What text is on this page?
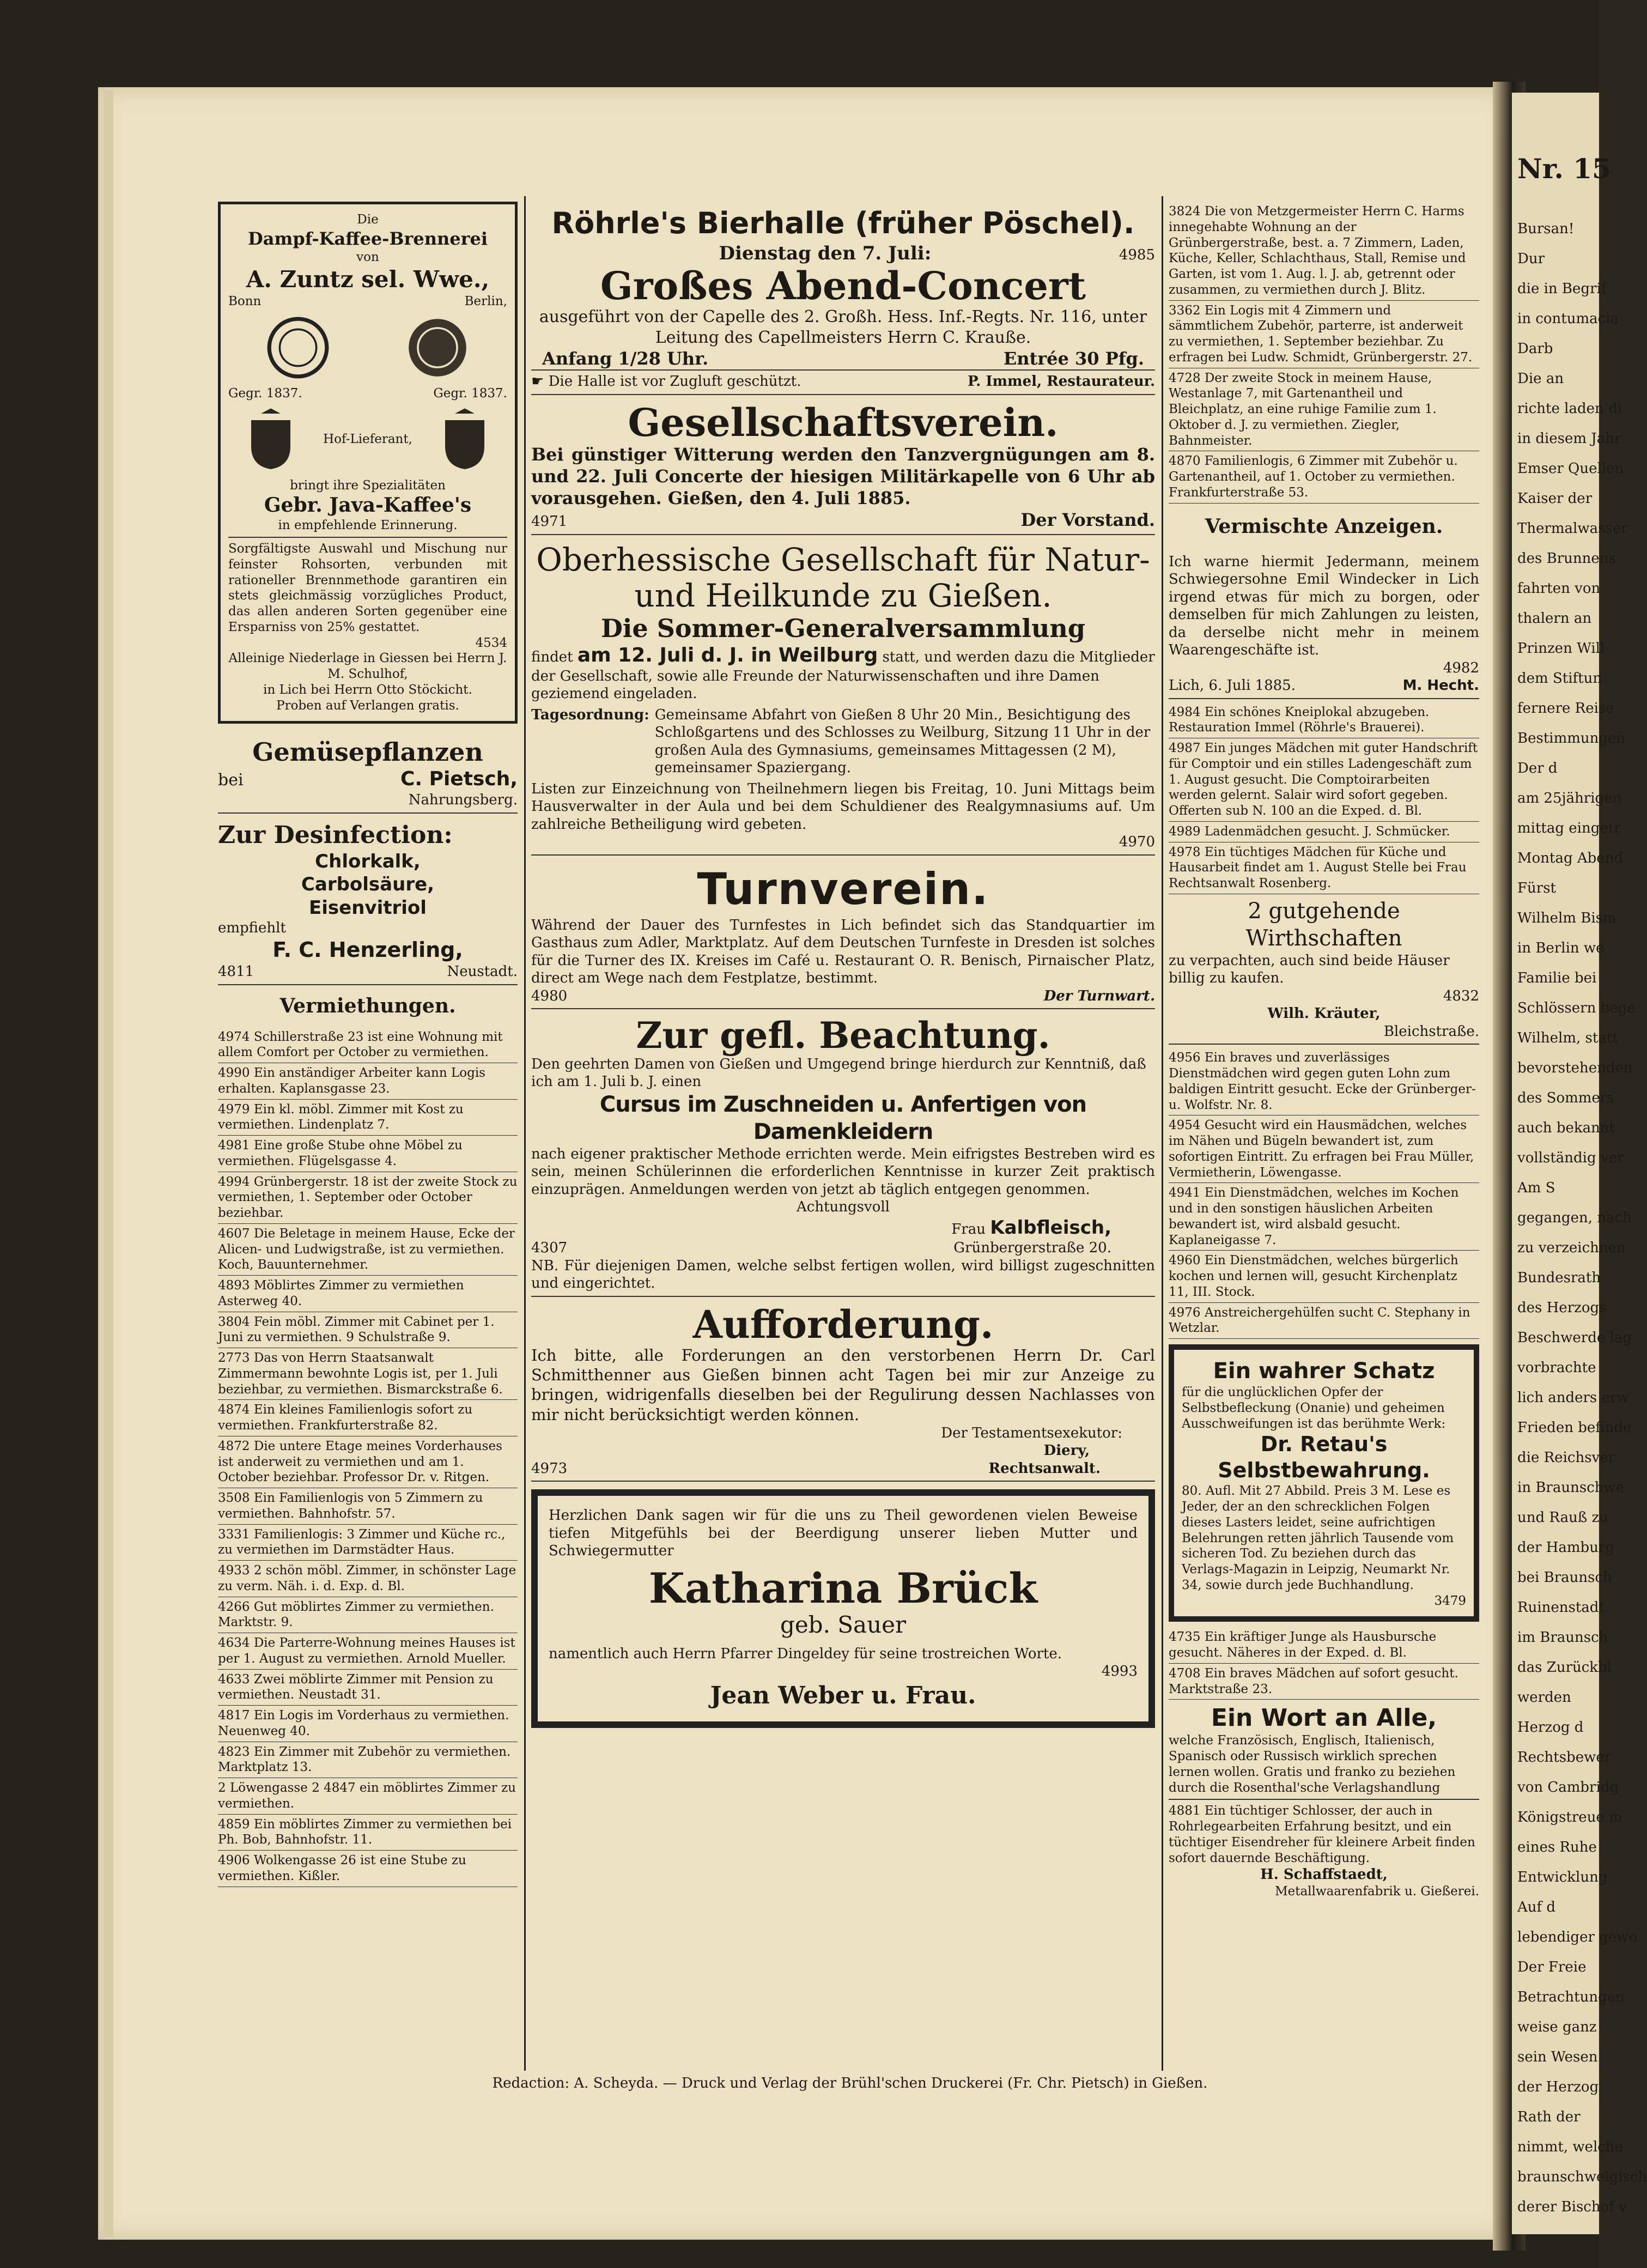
Nr. 15
Bursan!
Dur
die in Begrif
in contumacia
Darb
Die an
richte laden di
in diesem Jahr
Emser Quellen
Kaiser der
Thermalwasser
des Brunnens
fahrten von
thalern an
Prinzen Will
dem Stiftun
fernere Reise
Bestimmungen
Der d
am 25jährigen
mittag eingetr
Montag Abend
Fürst
Wilhelm Bism
in Berlin we
Familie bei
Schlössern bege
Wilhelm, statt
bevorstehenden
des Sommers
auch bekannt
vollständig ver
Am S
gegangen, nach
zu verzeichnen
Bundesrath
des Herzogs
Beschwerde lag
vorbrachte
lich anders erw
Frieden befinde
die Reichsver
in Braunschwe
und Rauß zu
der Hamburg
bei Braunsch
Ruinenstadt
im Braunsch
das Zurückbl
werden
Herzog d
Rechtsbewer
von Cambridg
Königstreue m
eines Ruhe
Entwicklung
Auf d
lebendiger gewo
Der Freie
Betrachtungen
weise ganz
sein Wesen
der Herzog
Rath der
nimmt, welche
braunschweigisch
derer Bischof v
Die
Dampf-Kaffee-Brennerei
von
A. Zuntz sel. Wwe.,
Bonn	Berlin,
Gegr. 1837.	Gegr. 1837.
Hof-Lieferant,
bringt ihre Spezialitäten
Gebr. Java-Kaffee's
in empfehlende Erinnerung.
Sorgfältigste Auswahl und Mischung nur feinster Rohsorten, verbunden mit rationeller Brennmethode garantiren ein stets gleichmässig vorzügliches Product, das allen anderen Sorten gegenüber eine Ersparniss von 25% gestattet.
4534
Alleinige Niederlage in Giessen bei Herrn J. M. Schulhof,
in Lich bei Herrn Otto Stöckicht.
Proben auf Verlangen gratis.
Gemüsepflanzen
bei	C. Pietsch,
Nahrungsberg.
Zur Desinfection:
Chlorkalk,
Carbolsäure,
Eisenvitriol
empfiehlt
F. C. Henzerling,
4811	Neustadt.
Vermiethungen.
4974 Schillerstraße 23 ist eine Wohnung mit allem Comfort per October zu vermiethen.
4990 Ein anständiger Arbeiter kann Logis erhalten. Kaplansgasse 23.
4979 Ein kl. möbl. Zimmer mit Kost zu vermiethen. Lindenplatz 7.
4981 Eine große Stube ohne Möbel zu vermiethen. Flügelsgasse 4.
4994 Grünbergerstr. 18 ist der zweite Stock zu vermiethen, 1. September oder October beziehbar.
4607 Die Beletage in meinem Hause, Ecke der Alicen- und Ludwigstraße, ist zu vermiethen. Koch, Bauunternehmer.
4893 Möblirtes Zimmer zu vermiethen Asterweg 40.
3804 Fein möbl. Zimmer mit Cabinet per 1. Juni zu vermiethen. 9 Schulstraße 9.
2773 Das von Herrn Staatsanwalt Zimmermann bewohnte Logis ist, per 1. Juli beziehbar, zu vermiethen. Bismarckstraße 6.
4874 Ein kleines Familienlogis sofort zu vermiethen. Frankfurterstraße 82.
4872 Die untere Etage meines Vorderhauses ist anderweit zu vermiethen und am 1. October beziehbar. Professor Dr. v. Ritgen.
3508 Ein Familienlogis von 5 Zimmern zu vermiethen. Bahnhofstr. 57.
3331 Familienlogis: 3 Zimmer und Küche rc., zu vermiethen im Darmstädter Haus.
4933 2 schön möbl. Zimmer, in schönster Lage zu verm. Näh. i. d. Exp. d. Bl.
4266 Gut möblirtes Zimmer zu vermiethen. Marktstr. 9.
4634 Die Parterre-Wohnung meines Hauses ist per 1. August zu vermiethen. Arnold Mueller.
4633 Zwei möblirte Zimmer mit Pension zu vermiethen. Neustadt 31.
4817 Ein Logis im Vorderhaus zu vermiethen. Neuenweg 40.
4823 Ein Zimmer mit Zubehör zu vermiethen. Marktplatz 13.
2 Löwengasse 2 4847 ein möblirtes Zimmer zu vermiethen.
4859 Ein möblirtes Zimmer zu vermiethen bei Ph. Bob, Bahnhofstr. 11.
4906 Wolkengasse 26 ist eine Stube zu vermiethen. Kißler.
Röhrle's Bierhalle (früher Pöschel).
Dienstag den 7. Juli:	4985
Großes Abend-Concert
ausgeführt von der Capelle des 2. Großh. Hess. Inf.-Regts. Nr. 116, unter Leitung des Capellmeisters Herrn C. Krauße.
Anfang 1/28 Uhr.	Entrée 30 Pfg.
☛ Die Halle ist vor Zugluft geschützt.	P. Immel, Restaurateur.
Gesellschaftsverein.
Bei günstiger Witterung werden den Tanzvergnügungen am 8. und 22. Juli Concerte der hiesigen Militärkapelle von 6 Uhr ab vorausgehen. Gießen, den 4. Juli 1885.
4971	Der Vorstand.
Oberhessische Gesellschaft für Natur-
und Heilkunde zu Gießen.
Die Sommer-Generalversammlung
findet am 12. Juli d. J. in Weilburg statt, und werden dazu die Mitglieder der Gesellschaft, sowie alle Freunde der Naturwissenschaften und ihre Damen geziemend eingeladen.
Tagesordnung: Gemeinsame Abfahrt von Gießen 8 Uhr 20 Min., Besichtigung des Schloßgartens und des Schlosses zu Weilburg, Sitzung 11 Uhr in der großen Aula des Gymnasiums, gemeinsames Mittagessen (2 M), gemeinsamer Spaziergang.
Listen zur Einzeichnung von Theilnehmern liegen bis Freitag, 10. Juni Mittags beim Hausverwalter in der Aula und bei dem Schuldiener des Realgymnasiums auf. Um zahlreiche Betheiligung wird gebeten.
4970
Turnverein.
Während der Dauer des Turnfestes in Lich befindet sich das Standquartier im Gasthaus zum Adler, Marktplatz. Auf dem Deutschen Turnfeste in Dresden ist solches für die Turner des IX. Kreises im Café u. Restaurant O. R. Benisch, Pirnaischer Platz, direct am Wege nach dem Festplatze, bestimmt.
4980	Der Turnwart.
Zur gefl. Beachtung.
Den geehrten Damen von Gießen und Umgegend bringe hierdurch zur Kenntniß, daß ich am 1. Juli b. J. einen
Cursus im Zuschneiden u. Anfertigen von Damenkleidern
nach eigener praktischer Methode errichten werde. Mein eifrigstes Bestreben wird es sein, meinen Schülerinnen die erforderlichen Kenntnisse in kurzer Zeit praktisch einzuprägen. Anmeldungen werden von jetzt ab täglich entgegen genommen.
Achtungsvoll
Frau Kalbfleisch,
4307	Grünbergerstraße 20.
NB. Für diejenigen Damen, welche selbst fertigen wollen, wird billigst zugeschnitten und eingerichtet.
Aufforderung.
Ich bitte, alle Forderungen an den verstorbenen Herrn Dr. Carl Schmitthenner aus Gießen binnen acht Tagen bei mir zur Anzeige zu bringen, widrigenfalls dieselben bei der Regulirung dessen Nachlasses von mir nicht berücksichtigt werden können.
Der Testamentsexekutor:
Diery,
4973	Rechtsanwalt.
Herzlichen Dank sagen wir für die uns zu Theil gewordenen vielen Beweise tiefen Mitgefühls bei der Beerdigung unserer lieben Mutter und Schwiegermutter
Katharina Brück
geb. Sauer
namentlich auch Herrn Pfarrer Dingeldey für seine trostreichen Worte.
4993
Jean Weber u. Frau.
3824 Die von Metzgermeister Herrn C. Harms innegehabte Wohnung an der Grünbergerstraße, best. a. 7 Zimmern, Laden, Küche, Keller, Schlachthaus, Stall, Remise und Garten, ist vom 1. Aug. l. J. ab, getrennt oder zusammen, zu vermiethen durch J. Blitz.
3362 Ein Logis mit 4 Zimmern und sämmtlichem Zubehör, parterre, ist anderweit zu vermiethen, 1. September beziehbar. Zu erfragen bei Ludw. Schmidt, Grünbergerstr. 27.
4728 Der zweite Stock in meinem Hause, Westanlage 7, mit Gartenantheil und Bleichplatz, an eine ruhige Familie zum 1. Oktober d. J. zu vermiethen. Ziegler, Bahnmeister.
4870 Familienlogis, 6 Zimmer mit Zubehör u. Gartenantheil, auf 1. October zu vermiethen. Frankfurterstraße 53.
Vermischte Anzeigen.
Ich warne hiermit Jedermann, meinem Schwiegersohne Emil Windecker in Lich irgend etwas für mich zu borgen, oder demselben für mich Zahlungen zu leisten, da derselbe nicht mehr in meinem Waarengeschäfte ist.
4982
Lich, 6. Juli 1885.	M. Hecht.
4984 Ein schönes Kneiplokal abzugeben. Restauration Immel (Röhrle's Brauerei).
4987 Ein junges Mädchen mit guter Handschrift für Comptoir und ein stilles Ladengeschäft zum 1. August gesucht. Die Comptoirarbeiten werden gelernt. Salair wird sofort gegeben. Offerten sub N. 100 an die Exped. d. Bl.
4989 Ladenmädchen gesucht. J. Schmücker.
4978 Ein tüchtiges Mädchen für Küche und Hausarbeit findet am 1. August Stelle bei Frau Rechtsanwalt Rosenberg.
2 gutgehende Wirthschaften
zu verpachten, auch sind beide Häuser billig zu kaufen.
4832
Wilh. Kräuter,
Bleichstraße.
4956 Ein braves und zuverlässiges Dienstmädchen wird gegen guten Lohn zum baldigen Eintritt gesucht. Ecke der Grünberger- u. Wolfstr. Nr. 8.
4954 Gesucht wird ein Hausmädchen, welches im Nähen und Bügeln bewandert ist, zum sofortigen Eintritt. Zu erfragen bei Frau Müller, Vermietherin, Löwengasse.
4941 Ein Dienstmädchen, welches im Kochen und in den sonstigen häuslichen Arbeiten bewandert ist, wird alsbald gesucht. Kaplaneigasse 7.
4960 Ein Dienstmädchen, welches bürgerlich kochen und lernen will, gesucht Kirchenplatz 11, III. Stock.
4976 Anstreichergehülfen sucht C. Stephany in Wetzlar.
Ein wahrer Schatz
für die unglücklichen Opfer der Selbstbefleckung (Onanie) und geheimen Ausschweifungen ist das berühmte Werk:
Dr. Retau's Selbstbewahrung.
80. Aufl. Mit 27 Abbild. Preis 3 M. Lese es Jeder, der an den schrecklichen Folgen dieses Lasters leidet, seine aufrichtigen Belehrungen retten jährlich Tausende vom sicheren Tod. Zu beziehen durch das Verlags-Magazin in Leipzig, Neumarkt Nr. 34, sowie durch jede Buchhandlung.
3479
4735 Ein kräftiger Junge als Hausbursche gesucht. Näheres in der Exped. d. Bl.
4708 Ein braves Mädchen auf sofort gesucht. Marktstraße 23.
Ein Wort an Alle,
welche Französisch, Englisch, Italienisch, Spanisch oder Russisch wirklich sprechen lernen wollen. Gratis und franko zu beziehen durch die Rosenthal'sche Verlagshandlung
4881 Ein tüchtiger Schlosser, der auch in Rohrlegearbeiten Erfahrung besitzt, und ein tüchtiger Eisendreher für kleinere Arbeit finden sofort dauernde Beschäftigung.
H. Schaffstaedt,
Metallwaarenfabrik u. Gießerei.
Redaction: A. Scheyda. — Druck und Verlag der Brühl'schen Druckerei (Fr. Chr. Pietsch) in Gießen.
